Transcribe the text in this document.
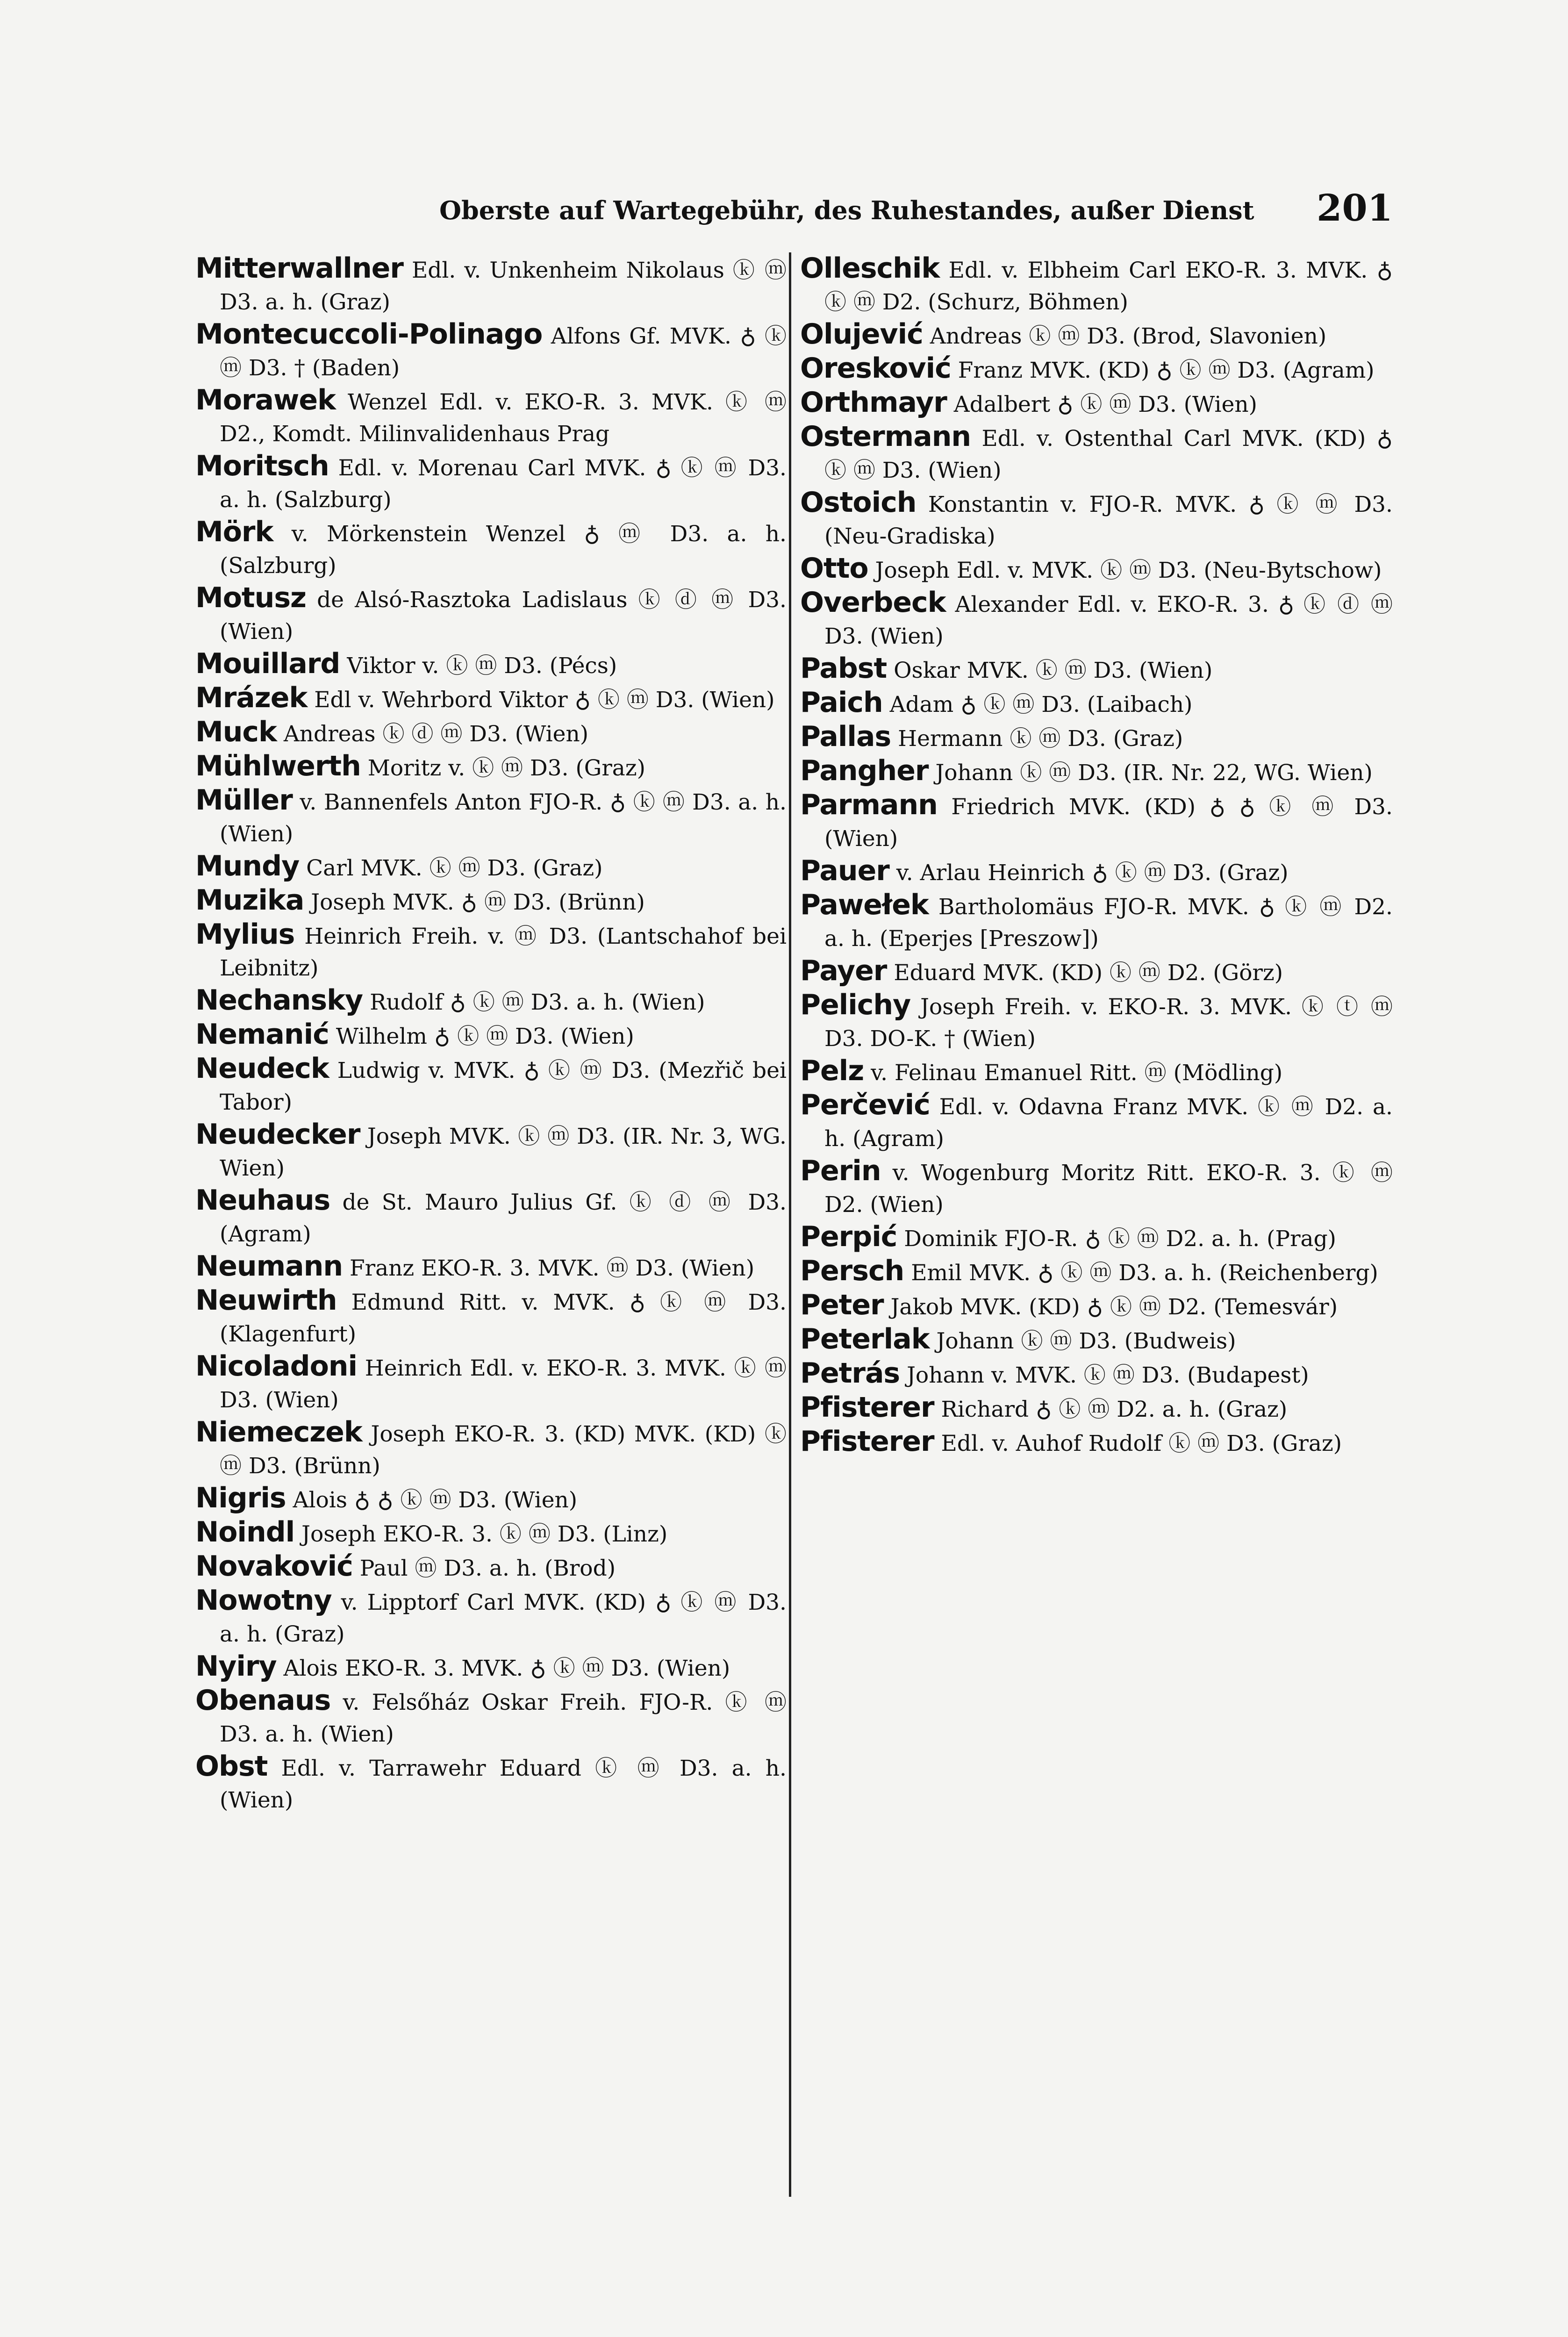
Oberste auf Wartegebühr, des Ruhestandes, außer Dienst 201

Mitterwallner Edl. v. Unkenheim Nikolaus ⓚ ⓜ D3. a. h. (Graz)

Montecuccoli-Polinago Alfons Gf. MVK. ♁ ⓚ ⓜ D3. † (Baden)

Morawek Wenzel Edl. v. EKO-R. 3. MVK. ⓚ ⓜ D2., Komdt. Milinvalidenhaus Prag

Moritsch Edl. v. Morenau Carl MVK. ♁ ⓚ ⓜ D3. a. h. (Salzburg)

Mörk v. Mörkenstein Wenzel ♁ ⓜ D3. a. h. (Salzburg)

Motusz de Alsó-Rasztoka Ladislaus ⓚ ⓓ ⓜ D3. (Wien)

Mouillard Viktor v. ⓚ ⓜ D3. (Pécs)

Mrázek Edl v. Wehrbord Viktor ♁ ⓚ ⓜ D3. (Wien)

Muck Andreas ⓚ ⓓ ⓜ D3. (Wien)

Mühlwerth Moritz v. ⓚ ⓜ D3. (Graz)

Müller v. Bannenfels Anton FJO-R. ♁ ⓚ ⓜ D3. a. h. (Wien)

Mundy Carl MVK. ⓚ ⓜ D3. (Graz)

Muzika Joseph MVK. ♁ ⓜ D3. (Brünn)

Mylius Heinrich Freih. v. ⓜ D3. (Lantschahof bei Leibnitz)

Nechansky Rudolf ♁ ⓚ ⓜ D3. a. h. (Wien)

Nemanić Wilhelm ♁ ⓚ ⓜ D3. (Wien)

Neudeck Ludwig v. MVK. ♁ ⓚ ⓜ D3. (Mezřič bei Tabor)

Neudecker Joseph MVK. ⓚ ⓜ D3. (IR. Nr. 3, WG. Wien)

Neuhaus de St. Mauro Julius Gf. ⓚ ⓓ ⓜ D3. (Agram)

Neumann Franz EKO-R. 3. MVK. ⓜ D3. (Wien)

Neuwirth Edmund Ritt. v. MVK. ♁ ⓚ ⓜ D3. (Klagenfurt)

Nicoladoni Heinrich Edl. v. EKO-R. 3. MVK. ⓚ ⓜ D3. (Wien)

Niemeczek Joseph EKO-R. 3. (KD) MVK. (KD) ⓚ ⓜ D3. (Brünn)

Nigris Alois ♁ ♁ ⓚ ⓜ D3. (Wien)

Noindl Joseph EKO-R. 3. ⓚ ⓜ D3. (Linz)

Novaković Paul ⓜ D3. a. h. (Brod)

Nowotny v. Lipptorf Carl MVK. (KD) ♁ ⓚ ⓜ D3. a. h. (Graz)

Nyiry Alois EKO-R. 3. MVK. ♁ ⓚ ⓜ D3. (Wien)

Obenaus v. Felsőház Oskar Freih. FJO-R. ⓚ ⓜ D3. a. h. (Wien)

Obst Edl. v. Tarrawehr Eduard ⓚ ⓜ D3. a. h. (Wien)

Olleschik Edl. v. Elbheim Carl EKO-R. 3. MVK. ♁ ⓚ ⓜ D2. (Schurz, Böhmen)

Olujević Andreas ⓚ ⓜ D3. (Brod, Slavonien)

Oresković Franz MVK. (KD) ♁ ⓚ ⓜ D3. (Agram)

Orthmayr Adalbert ♁ ⓚ ⓜ D3. (Wien)

Ostermann Edl. v. Ostenthal Carl MVK. (KD) ♁ ⓚ ⓜ D3. (Wien)

Ostoich Konstantin v. FJO-R. MVK. ♁ ⓚ ⓜ D3. (Neu-Gradiska)

Otto Joseph Edl. v. MVK. ⓚ ⓜ D3. (Neu-Bytschow)

Overbeck Alexander Edl. v. EKO-R. 3. ♁ ⓚ ⓓ ⓜ D3. (Wien)

Pabst Oskar MVK. ⓚ ⓜ D3. (Wien)

Paich Adam ♁ ⓚ ⓜ D3. (Laibach)

Pallas Hermann ⓚ ⓜ D3. (Graz)

Pangher Johann ⓚ ⓜ D3. (IR. Nr. 22, WG. Wien)

Parmann Friedrich MVK. (KD) ♁ ♁ ⓚ ⓜ D3. (Wien)

Pauer v. Arlau Heinrich ♁ ⓚ ⓜ D3. (Graz)

Pawełek Bartholomäus FJO-R. MVK. ♁ ⓚ ⓜ D2. a. h. (Eperjes [Preszow])

Payer Eduard MVK. (KD) ⓚ ⓜ D2. (Görz)

Pelichy Joseph Freih. v. EKO-R. 3. MVK. ⓚ ⓣ ⓜ D3. DO-K. † (Wien)

Pelz v. Felinau Emanuel Ritt. ⓜ (Mödling)

Perčević Edl. v. Odavna Franz MVK. ⓚ ⓜ D2. a. h. (Agram)

Perin v. Wogenburg Moritz Ritt. EKO-R. 3. ⓚ ⓜ D2. (Wien)

Perpić Dominik FJO-R. ♁ ⓚ ⓜ D2. a. h. (Prag)

Persch Emil MVK. ♁ ⓚ ⓜ D3. a. h. (Reichenberg)

Peter Jakob MVK. (KD) ♁ ⓚ ⓜ D2. (Temesvár)

Peterlak Johann ⓚ ⓜ D3. (Budweis)

Petrás Johann v. MVK. ⓚ ⓜ D3. (Budapest)

Pfisterer Richard ♁ ⓚ ⓜ D2. a. h. (Graz)

Pfisterer Edl. v. Auhof Rudolf ⓚ ⓜ D3. (Graz)
